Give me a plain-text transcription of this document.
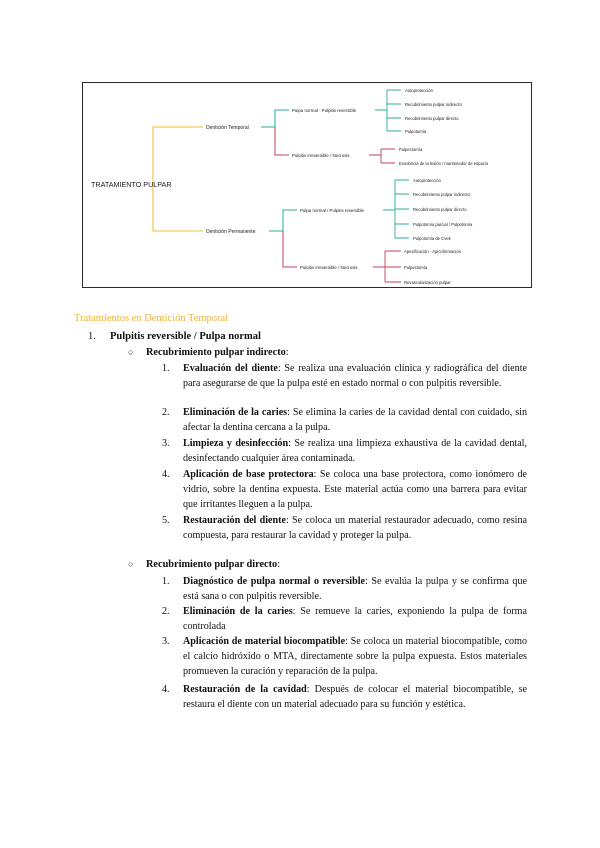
TRATAMIENTO PULPAR
Dentición Temporal
Pulpa normal - Pulpitis reversible
Pulpitis irreversible / Necrosis
Autoprotección
Recubrimiento pulpar indirecto
Recubrimiento pulpar directo
Pulpotomía
Pulpectomía
Exodoncia de la lesión / mantenedor de espacio
Dentición Permanente
Pulpa normal / Pulpitis reversible
Pulpitis irreversible / Necrosis
Autoprotección
Recubrimiento pulpar indirecto
Recubrimiento pulpar directo
Pulpotomía parcial / Pulpotomía
Pulpotomía de Cvek
Apexificación - Apicoformación
Pulpectomía
Revascularización pulpar
Tratamientos en Dentición Temporal
1. Pulpitis reversible / Pulpa normal
○ Recubrimiento pulpar indirecto:
1. Evaluación del diente: Se realiza una evaluación clínica y radiográfica del diente para asegurarse de que la pulpa esté en estado normal o con pulpitis reversible.
2. Eliminación de la caries: Se elimina la caries de la cavidad dental con cuidado, sin afectar la dentina cercana a la pulpa.
3. Limpieza y desinfección: Se realiza una limpieza exhaustiva de la cavidad dental, desinfectando cualquier área contaminada.
4. Aplicación de base protectora: Se coloca una base protectora, como ionómero de vidrio, sobre la dentina expuesta. Este material actúa como una barrera para evitar que irritantes lleguen a la pulpa.
5. Restauración del diente: Se coloca un material restaurador adecuado, como resina compuesta, para restaurar la cavidad y proteger la pulpa.
○ Recubrimiento pulpar directo:
1. Diagnóstico de pulpa normal o reversible: Se evalúa la pulpa y se confirma que está sana o con pulpitis reversible.
2. Eliminación de la caries: Se remueve la caries, exponiendo la pulpa de forma controlada
3. Aplicación de material biocompatible: Se coloca un material biocompatible, como el calcio hidróxido o MTA, directamente sobre la pulpa expuesta. Estos materiales promueven la curación y reparación de la pulpa.
4. Restauración de la cavidad: Después de colocar el material biocompatible, se restaura el diente con un material adecuado para su función y estética.
